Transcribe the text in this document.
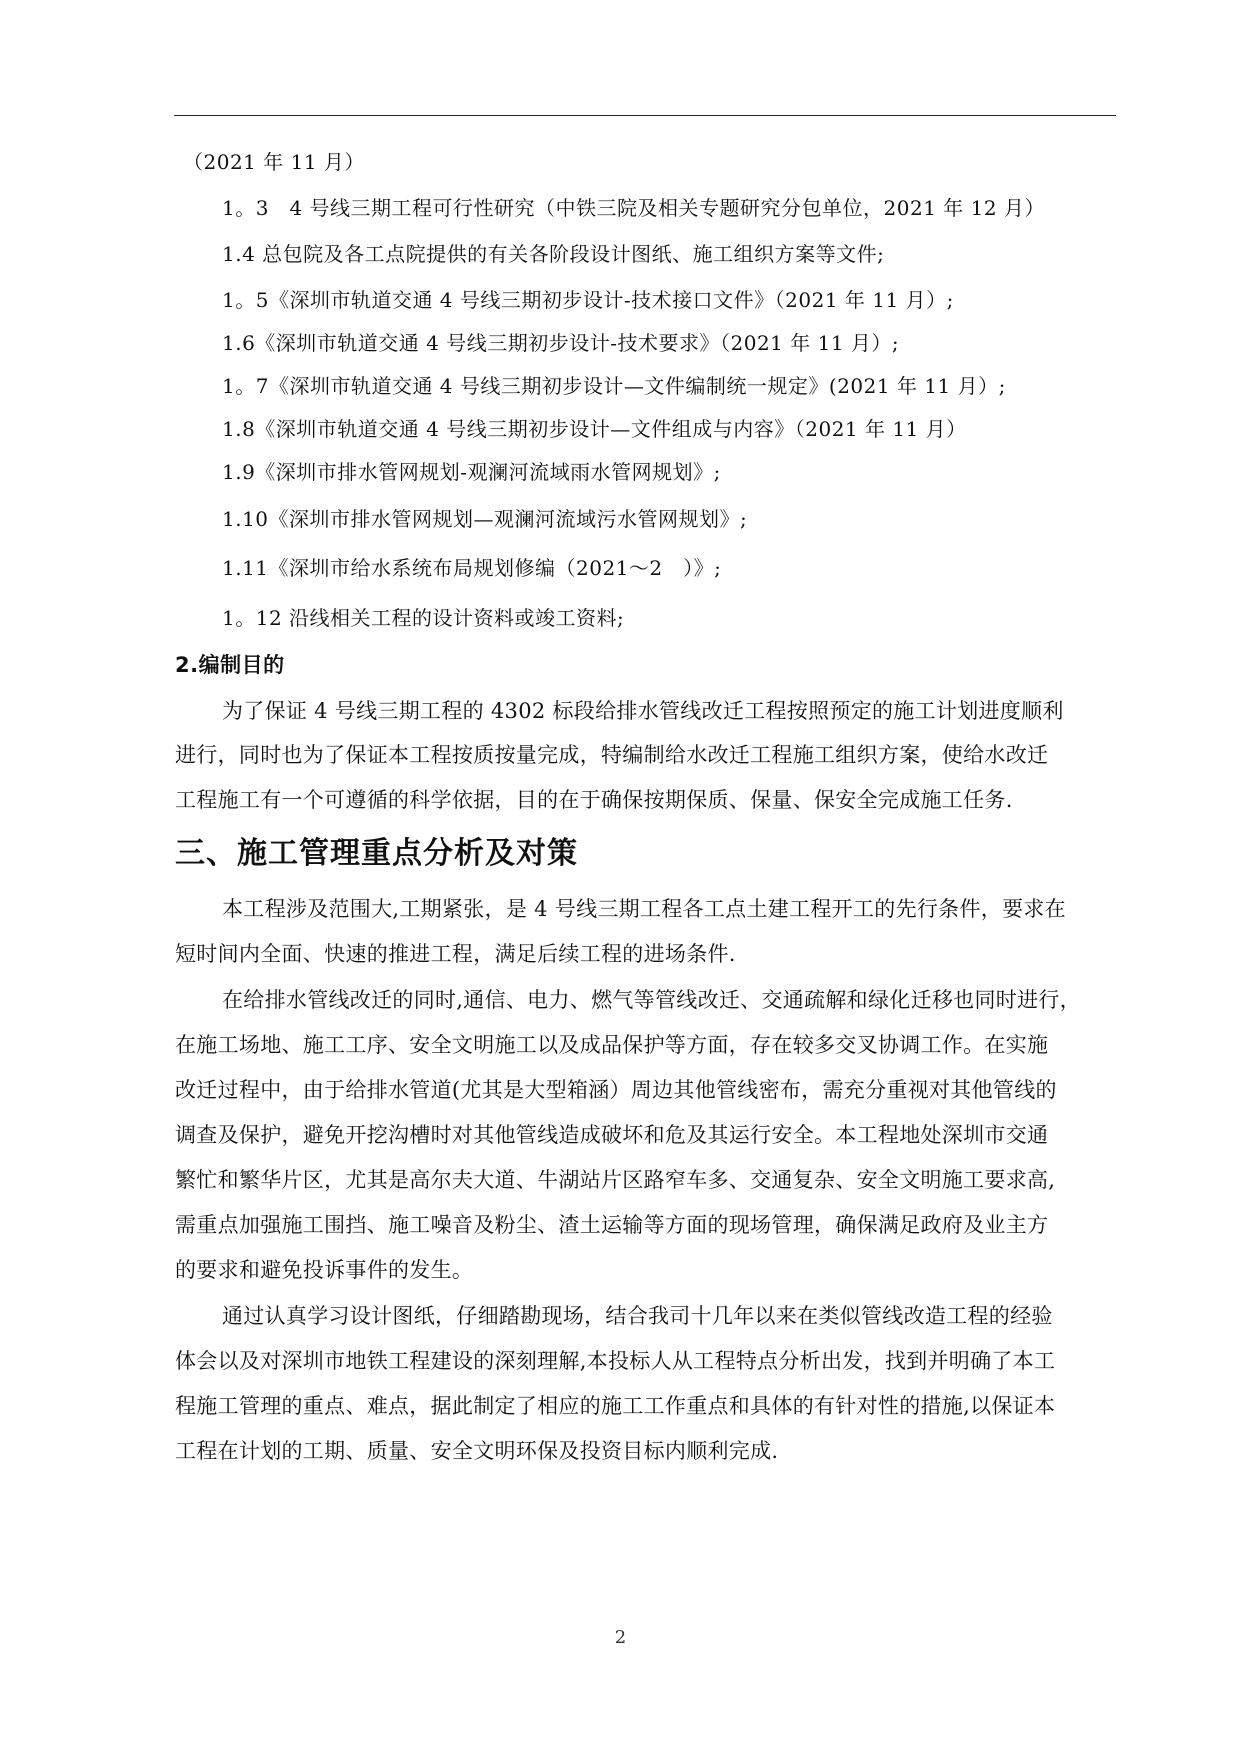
（2021 年 11 月）
1。3　4 号线三期工程可行性研究（中铁三院及相关专题研究分包单位，2021 年 12 月）
1.4 总包院及各工点院提供的有关各阶段设计图纸、施工组织方案等文件;
1。5《深圳市轨道交通 4 号线三期初步设计-技术接口文件》（2021 年 11 月）;
1.6《深圳市轨道交通 4 号线三期初步设计-技术要求》（2021 年 11 月）;
1。7《深圳市轨道交通 4 号线三期初步设计—文件编制统一规定》(2021 年 11 月）;
1.8《深圳市轨道交通 4 号线三期初步设计—文件组成与内容》（2021 年 11 月）
1.9《深圳市排水管网规划-观澜河流域雨水管网规划》;
1.10《深圳市排水管网规划—观澜河流域污水管网规划》;
1.11《深圳市给水系统布局规划修编（2021～2　）》;
1。12 沿线相关工程的设计资料或竣工资料;
2.编制目的
为了保证 4 号线三期工程的 4302 标段给排水管线改迁工程按照预定的施工计划进度顺利
进行，同时也为了保证本工程按质按量完成，特编制给水改迁工程施工组织方案，使给水改迁
工程施工有一个可遵循的科学依据，目的在于确保按期保质、保量、保安全完成施工任务.
三、施工管理重点分析及对策
本工程涉及范围大,工期紧张，是 4 号线三期工程各工点土建工程开工的先行条件，要求在
短时间内全面、快速的推进工程，满足后续工程的进场条件.
在给排水管线改迁的同时,通信、电力、燃气等管线改迁、交通疏解和绿化迁移也同时进行，
在施工场地、施工工序、安全文明施工以及成品保护等方面，存在较多交叉协调工作。在实施
改迁过程中，由于给排水管道(尤其是大型箱涵）周边其他管线密布，需充分重视对其他管线的
调查及保护，避免开挖沟槽时对其他管线造成破坏和危及其运行安全。本工程地处深圳市交通
繁忙和繁华片区，尤其是高尔夫大道、牛湖站片区路窄车多、交通复杂、安全文明施工要求高,
需重点加强施工围挡、施工噪音及粉尘、渣土运输等方面的现场管理，确保满足政府及业主方
的要求和避免投诉事件的发生。
通过认真学习设计图纸，仔细踏勘现场，结合我司十几年以来在类似管线改造工程的经验
体会以及对深圳市地铁工程建设的深刻理解,本投标人从工程特点分析出发，找到并明确了本工
程施工管理的重点、难点，据此制定了相应的施工工作重点和具体的有针对性的措施,以保证本
工程在计划的工期、质量、安全文明环保及投资目标内顺利完成.
2
